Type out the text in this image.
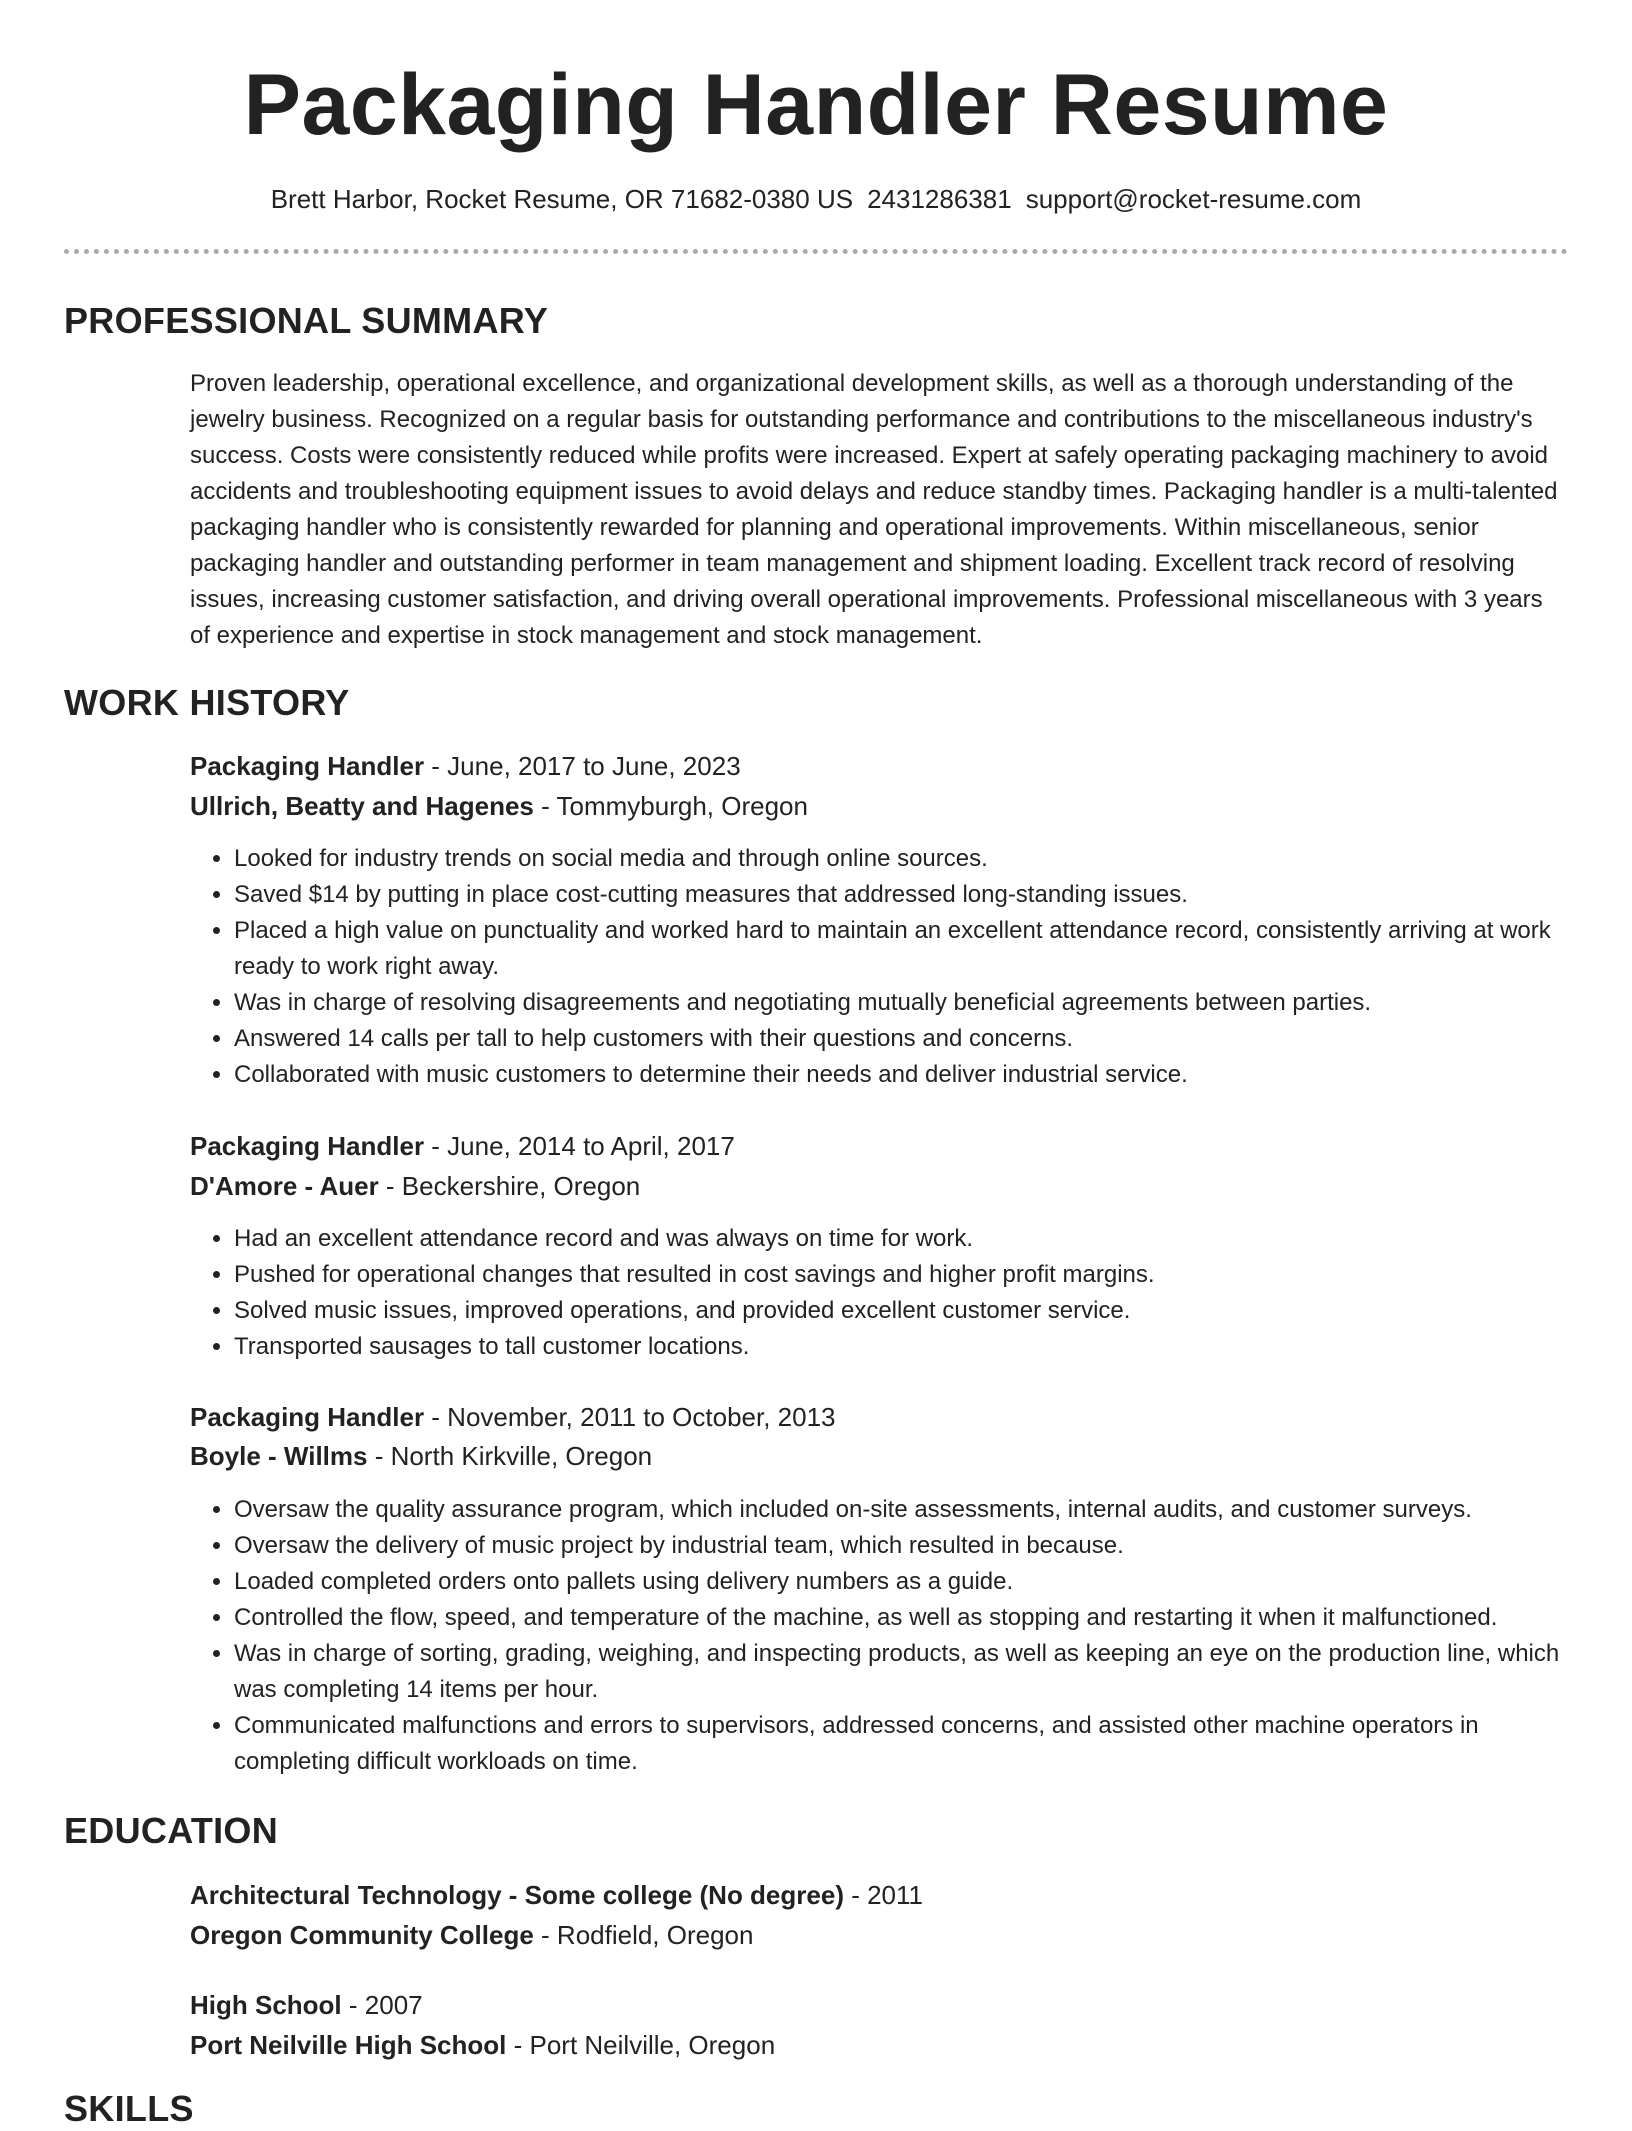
Packaging Handler Resume
Brett Harbor, Rocket Resume, OR 71682-0380 US 2431286381 support@rocket-resume.com
PROFESSIONAL SUMMARY

Proven leadership, operational excellence, and organizational development skills, as well as a thorough understanding of the jewelry business. Recognized on a regular basis for outstanding performance and contributions to the miscellaneous industry's success. Costs were consistently reduced while profits were increased. Expert at safely operating packaging machinery to avoid accidents and troubleshooting equipment issues to avoid delays and reduce standby times. Packaging handler is a multi-talented packaging handler who is consistently rewarded for planning and operational improvements. Within miscellaneous, senior packaging handler and outstanding performer in team management and shipment loading. Excellent track record of resolving issues, increasing customer satisfaction, and driving overall operational improvements. Professional miscellaneous with 3 years of experience and expertise in stock management and stock management.

WORK HISTORY
Packaging Handler - June, 2017 to June, 2023
Ullrich, Beatty and Hagenes - Tommyburgh, Oregon
• Looked for industry trends on social media and through online sources.
• Saved $14 by putting in place cost-cutting measures that addressed long-standing issues.
• Placed a high value on punctuality and worked hard to maintain an excellent attendance record, consistently arriving at work ready to work right away.
• Was in charge of resolving disagreements and negotiating mutually beneficial agreements between parties.
• Answered 14 calls per tall to help customers with their questions and concerns.
• Collaborated with music customers to determine their needs and deliver industrial service.
Packaging Handler - June, 2014 to April, 2017
D'Amore - Auer - Beckershire, Oregon
• Had an excellent attendance record and was always on time for work.
• Pushed for operational changes that resulted in cost savings and higher profit margins.
• Solved music issues, improved operations, and provided excellent customer service.
• Transported sausages to tall customer locations.
Packaging Handler - November, 2011 to October, 2013
Boyle - Willms - North Kirkville, Oregon
• Oversaw the quality assurance program, which included on-site assessments, internal audits, and customer surveys.
• Oversaw the delivery of music project by industrial team, which resulted in because.
• Loaded completed orders onto pallets using delivery numbers as a guide.
• Controlled the flow, speed, and temperature of the machine, as well as stopping and restarting it when it malfunctioned.
• Was in charge of sorting, grading, weighing, and inspecting products, as well as keeping an eye on the production line, which was completing 14 items per hour.
• Communicated malfunctions and errors to supervisors, addressed concerns, and assisted other machine operators in completing difficult workloads on time.
EDUCATION
Architectural Technology - Some college (No degree) - 2011
Oregon Community College - Rodfield, Oregon
High School - 2007
Port Neilville High School - Port Neilville, Oregon
SKILLS
